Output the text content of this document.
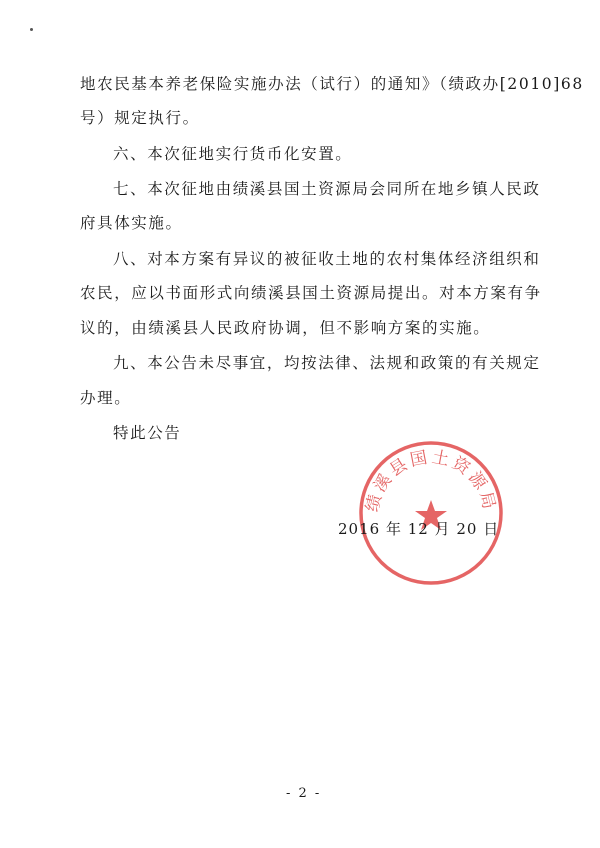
地农民基本养老保险实施办法（试行）的通知》（绩政办[2010]68
号）规定执行。
六、本次征地实行货币化安置。
七、本次征地由绩溪县国土资源局会同所在地乡镇人民政
府具体实施。
八、对本方案有异议的被征收土地的农村集体经济组织和
农民，应以书面形式向绩溪县国土资源局提出。对本方案有争
议的，由绩溪县人民政府协调，但不影响方案的实施。
九、本公告未尽事宜，均按法律、法规和政策的有关规定
办理。
特此公告
绩溪县国土资源局
2016 年 12 月 20 日
- 2 -
